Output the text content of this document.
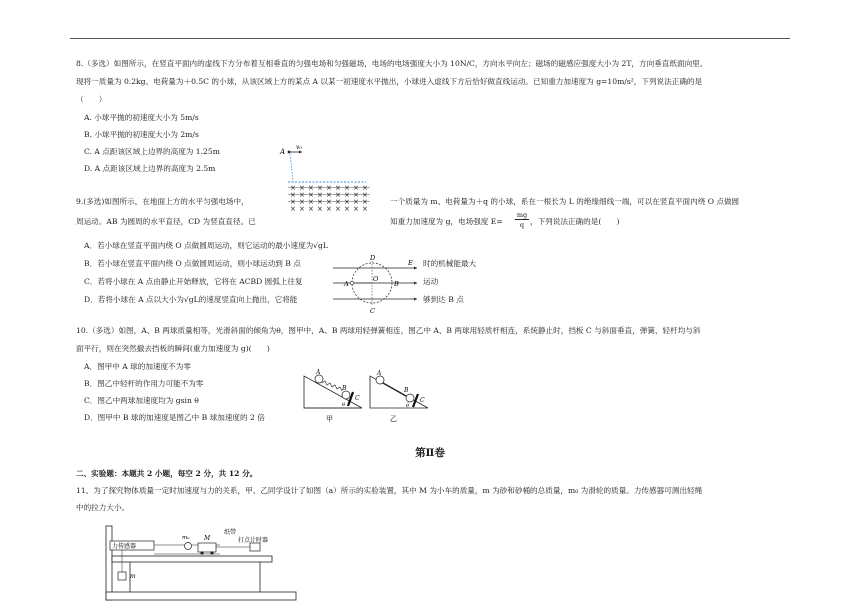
8.（多选）如图所示，在竖直平面内的虚线下方分布着互相垂直的匀强电场和匀强磁场，电场的电场强度大小为 10N/C，方向水平向左；磁场的磁感应强度大小为 2T，方向垂直纸面向里。
现将一质量为 0.2kg、电荷量为＋0.5C 的小球，从该区域上方的某点 A 以某一初速度水平抛出，小球进入虚线下方后恰好做直线运动。已知重力加速度为 g=10m/s²，下列说法正确的是
（　　）
A. 小球平抛的初速度大小为 5m/s
B. 小球平抛的初速度大小为 2m/s
C. A 点距该区域上边界的高度为 1.25m
D. A 点距该区域上边界的高度为 2.5m
A
v₀
× × × × × × × × ×
× × × × × × × × ×
× × × × × × × × ×
× × × × × × × × ×
9.(多选)如图所示，在地面上方的水平匀强电场中，	一个质量为 m、电荷量为＋q 的小球，系在一根长为 L 的绝缘细线一端，可以在竖直平面内绕 O 点做圆
周运动。AB 为圆周的水平直径，CD 为竖直直径。已	知重力加速度为 g，电场强度 E=
mg
q ，下列说法正确的是(　　)
A．若小球在竖直平面内绕 O 点做圆周运动，则它运动的最小速度为√gL
B．若小球在竖直平面内绕 O 点做圆周运动，则小球运动到 B 点	时的机械能最大
C．若将小球在 A 点由静止开始释放，它将在 ACBD 圆弧上往复	运动
D．若将小球在 A 点以大小为√gL的速度竖直向上抛出，它将能	够到达 B 点
D
C
A	B
O
E
10.（多选）如图，A、B 两球质量相等，光滑斜面的倾角为θ，图甲中，A、B 两球用轻弹簧相连，图乙中 A、B 两球用轻质杆相连，系统静止时，挡板 C 与斜面垂直，弹簧、轻杆均与斜
面平行，则在突然撤去挡板的瞬间(重力加速度为 g)(　　)
A．图甲中 A 球的加速度不为零
B．图乙中轻杆的作用力可能不为零
C．图乙中两球加速度均为 gsin θ
D．图甲中 B 球的加速度是图乙中 B 球加速度的 2 倍
A
B
C
θ
甲
A
B
C
θ
乙
第Ⅱ卷
二、实验题：本题共 2 小题，每空 2 分，共 12 分。
11、为了探究物体质量一定时加速度与力的关系，甲、乙同学设计了如图（a）所示的实验装置，其中 M 为小车的质量，m 为砂和砂桶的总质量，m₀ 为滑轮的质量。力传感器可测出轻绳
中的拉力大小。
力传感器
m₀ M
纸带
打点计时器
m
